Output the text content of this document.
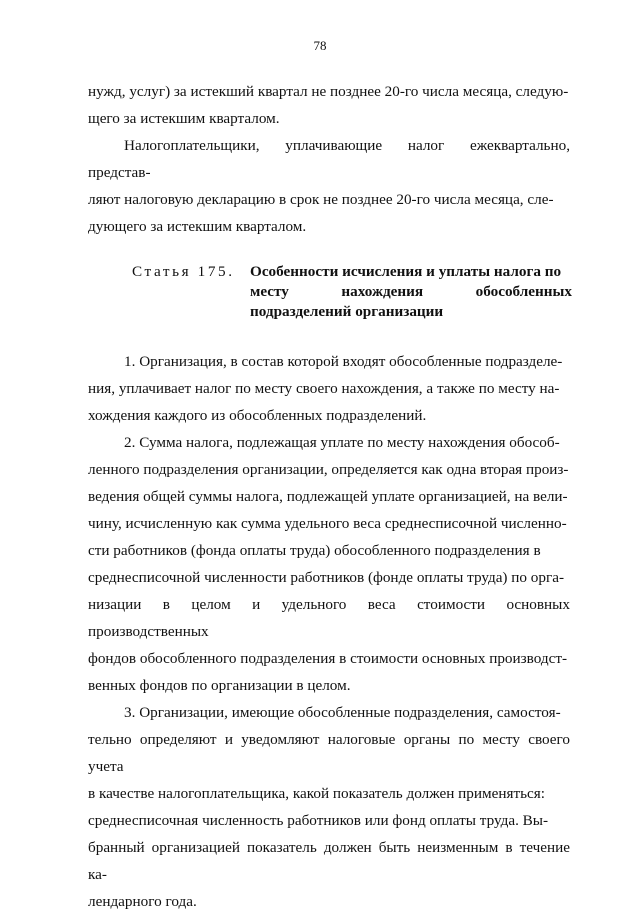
78

нужд, услуг) за истекший квартал не позднее 20-го числа месяца, следую-
щего за истекшим кварталом.

Налогоплательщики, уплачивающие налог ежеквартально, представ-
ляют налоговую декларацию в срок не позднее 20-го числа месяца, сле-
дующего за истекшим кварталом.

Статья 175. Особенности исчисления и уплаты налога по
месту	нахождения	обособленных
подразделений организации

1. Организация, в состав которой входят обособленные подразделе-
ния, уплачивает налог по месту своего нахождения, а также по месту на-
хождения каждого из обособленных подразделений.

2. Сумма налога, подлежащая уплате по месту нахождения обособ-
ленного подразделения организации, определяется как одна вторая произ-
ведения общей суммы налога, подлежащей уплате организацией, на вели-
чину, исчисленную как сумма удельного веса среднесписочной численно-
сти работников (фонда оплаты труда) обособленного подразделения в
среднесписочной численности работников (фонде оплаты труда) по орга-
низации в целом и удельного веса стоимости основных производственных
фондов обособленного подразделения в стоимости основных производст-
венных фондов по организации в целом.

3. Организации, имеющие обособленные подразделения, самостоя-
тельно определяют и уведомляют налоговые органы по месту своего учета
в качестве налогоплательщика, какой показатель должен применяться:
среднесписочная численность работников или фонд оплаты труда. Вы-
бранный организацией показатель должен быть неизменным в течение ка-
лендарного года.
